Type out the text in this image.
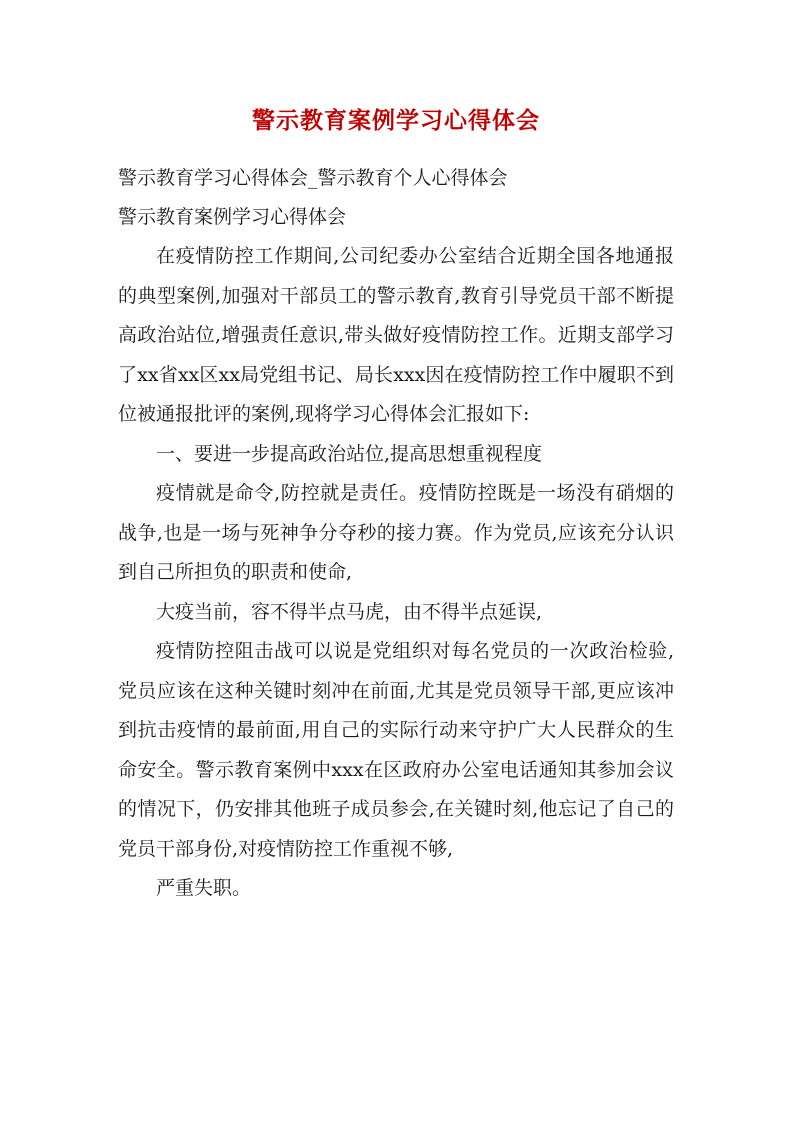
警示教育案例学习心得体会

警示教育学习心得体会_警示教育个人心得体会

警示教育案例学习心得体会

在疫情防控工作期间,公司纪委办公室结合近期全国各地通报的典型案例,加强对干部员工的警示教育,教育引导党员干部不断提高政治站位,增强责任意识,带头做好疫情防控工作。近期支部学习了xx省xx区xx局党组书记、局长xxx因在疫情防控工作中履职不到位被通报批评的案例,现将学习心得体会汇报如下:

一、要进一步提高政治站位,提高思想重视程度

疫情就是命令,防控就是责任。疫情防控既是一场没有硝烟的战争,也是一场与死神争分夺秒的接力赛。作为党员,应该充分认识到自己所担负的职责和使命,

大疫当前，容不得半点马虎，由不得半点延误,

疫情防控阻击战可以说是党组织对每名党员的一次政治检验,党员应该在这种关键时刻冲在前面,尤其是党员领导干部,更应该冲到抗击疫情的最前面,用自己的实际行动来守护广大人民群众的生命安全。警示教育案例中xxx在区政府办公室电话通知其参加会议的情况下，仍安排其他班子成员参会,在关键时刻,他忘记了自己的党员干部身份,对疫情防控工作重视不够,

严重失职。
